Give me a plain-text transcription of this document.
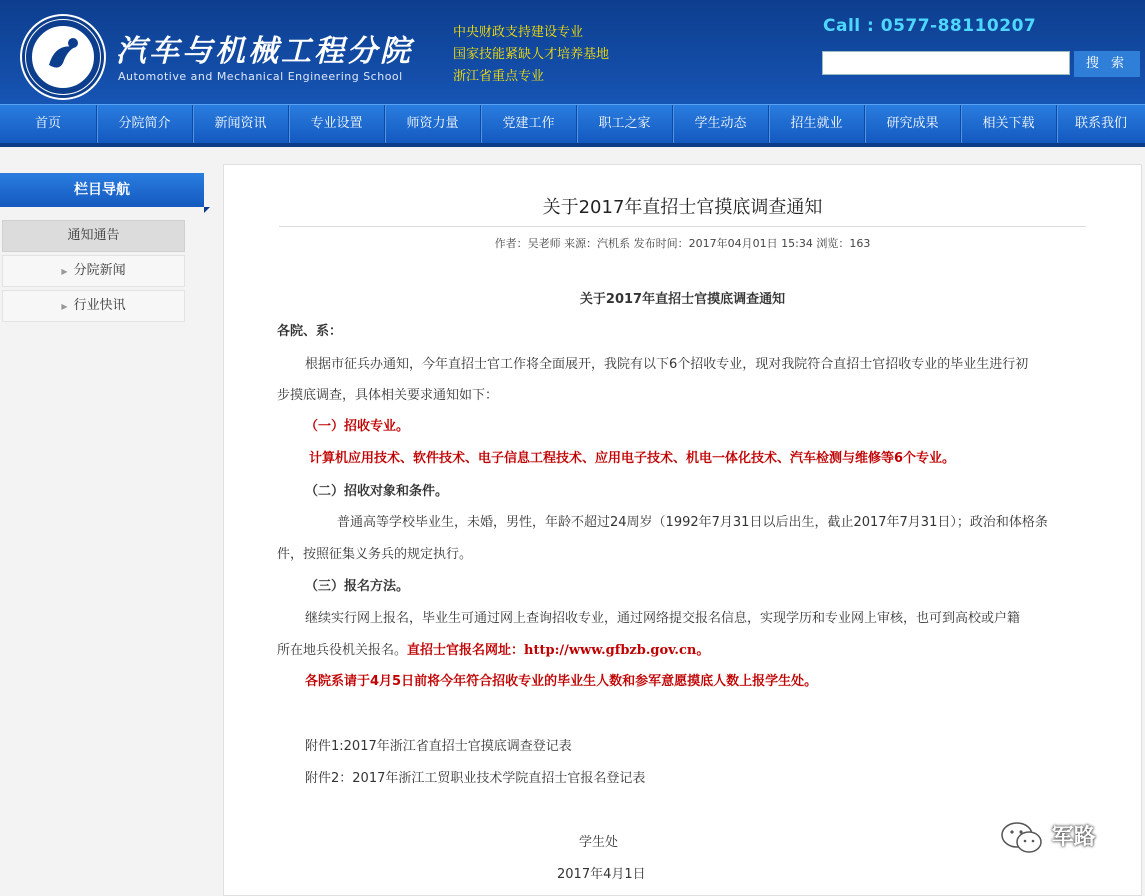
汽车与机械工程分院
Automotive and Mechanical Engineering School
中央财政支持建设专业
国家技能紧缺人才培养基地
浙江省重点专业
Call : 0577-88110207
搜 索
首页	分院简介	新闻资讯	专业设置	师资力量	党建工作	职工之家	学生动态	招生就业	研究成果	相关下载	联系我们
栏目导航
通知通告
▶ 分院新闻
▶ 行业快讯
关于2017年直招士官摸底调查通知
作者：吴老师 来源：汽机系 发布时间：2017年04月01日 15:34 浏览：163
关于2017年直招士官摸底调查通知
各院、系：
根据市征兵办通知，今年直招士官工作将全面展开，我院有以下6个招收专业，现对我院符合直招士官招收专业的毕业生进行初
步摸底调查，具体相关要求通知如下：
（一）招收专业。
计算机应用技术、软件技术、电子信息工程技术、应用电子技术、机电一体化技术、汽车检测与维修等6个专业。
（二）招收对象和条件。
普通高等学校毕业生，未婚，男性，年龄不超过24周岁（1992年7月31日以后出生，截止2017年7月31日）；政治和体格条
件，按照征集义务兵的规定执行。
（三）报名方法。
继续实行网上报名，毕业生可通过网上查询招收专业，通过网络提交报名信息，实现学历和专业网上审核，也可到高校或户籍
所在地兵役机关报名。直招士官报名网址：http://www.gfbzb.gov.cn。
各院系请于4月5日前将今年符合招收专业的毕业生人数和参军意愿摸底人数上报学生处。
附件1:2017年浙江省直招士官摸底调查登记表
附件2：2017年浙江工贸职业技术学院直招士官报名登记表
学生处
2017年4月1日
军路
